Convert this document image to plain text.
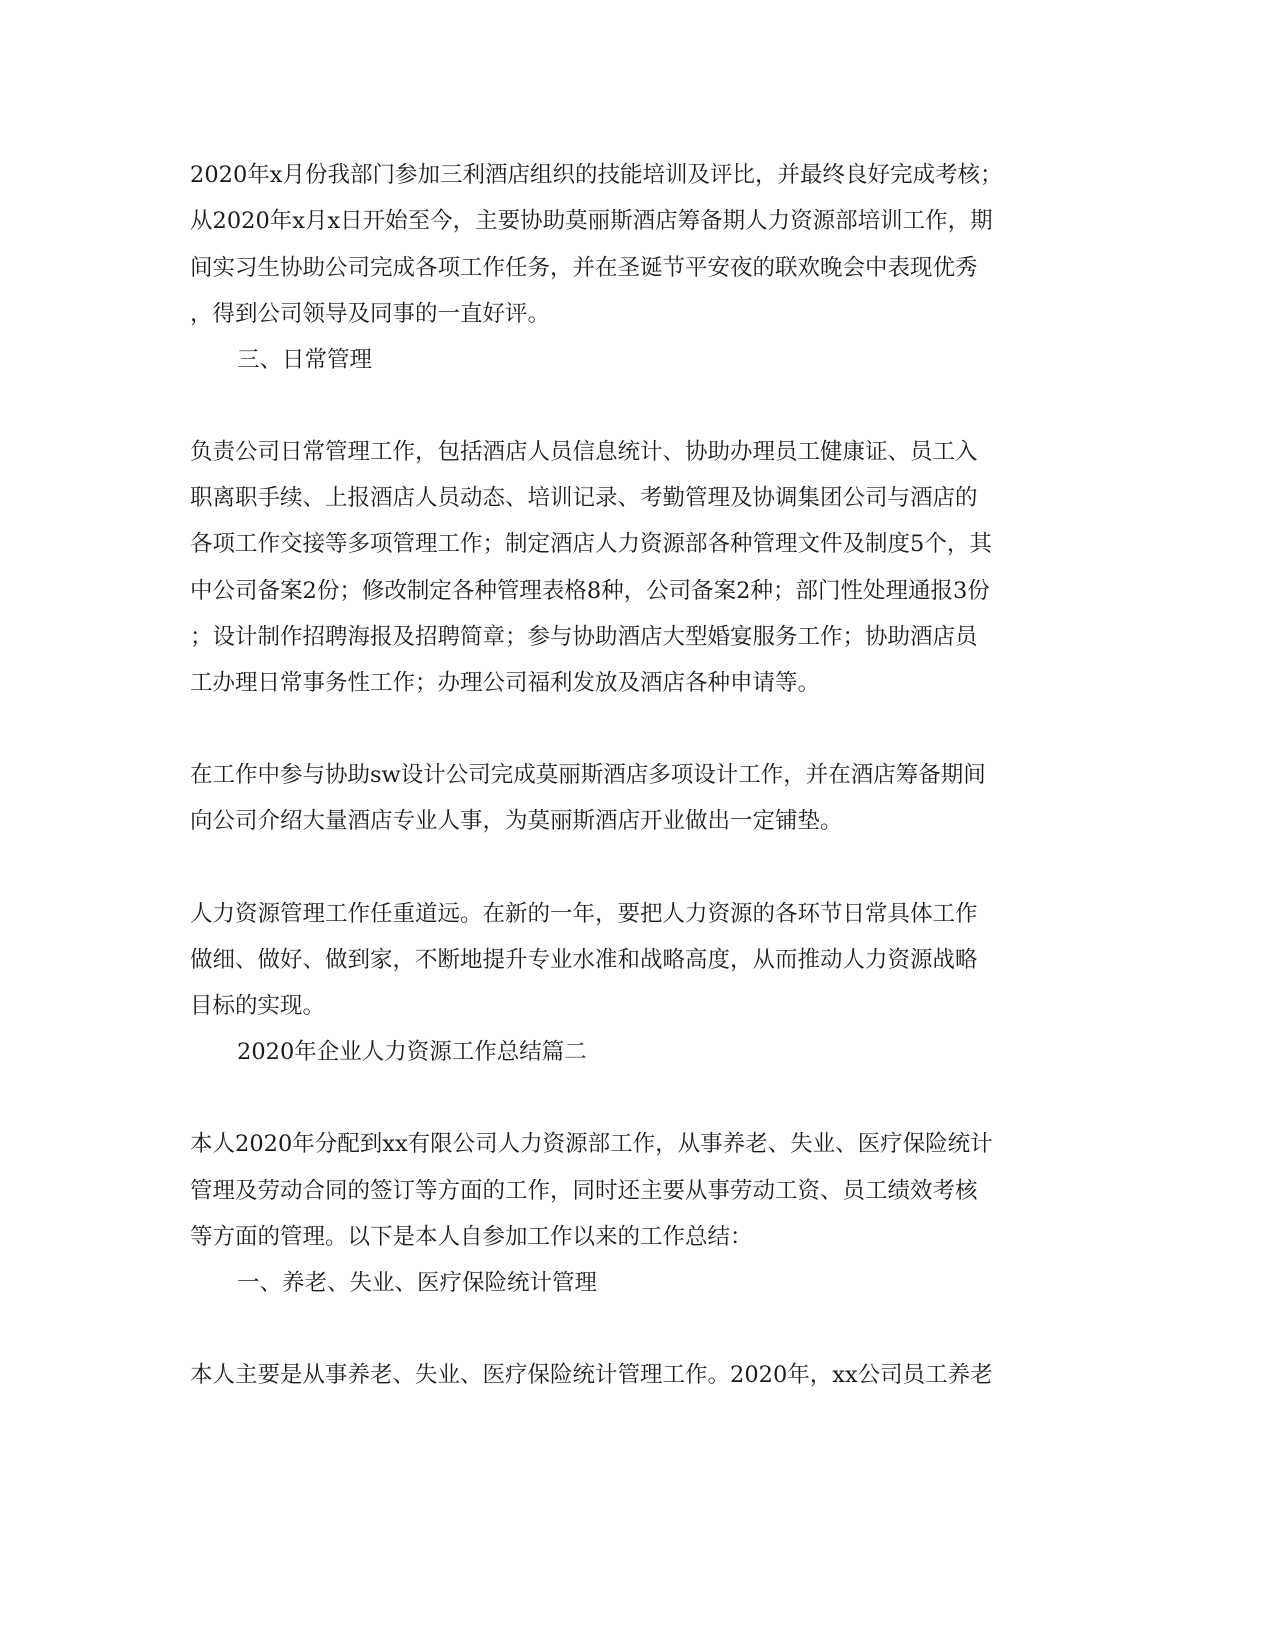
2020年x月份我部门参加三利酒店组织的技能培训及评比，并最终良好完成考核；
从2020年x月x日开始至今，主要协助莫丽斯酒店筹备期人力资源部培训工作，期
间实习生协助公司完成各项工作任务，并在圣诞节平安夜的联欢晚会中表现优秀
，得到公司领导及同事的一直好评。
三、日常管理
负责公司日常管理工作，包括酒店人员信息统计、协助办理员工健康证、员工入
职离职手续、上报酒店人员动态、培训记录、考勤管理及协调集团公司与酒店的
各项工作交接等多项管理工作；制定酒店人力资源部各种管理文件及制度5个，其
中公司备案2份；修改制定各种管理表格8种，公司备案2种；部门性处理通报3份
；设计制作招聘海报及招聘简章；参与协助酒店大型婚宴服务工作；协助酒店员
工办理日常事务性工作；办理公司福利发放及酒店各种申请等。
在工作中参与协助sw设计公司完成莫丽斯酒店多项设计工作，并在酒店筹备期间
向公司介绍大量酒店专业人事，为莫丽斯酒店开业做出一定铺垫。
人力资源管理工作任重道远。在新的一年，要把人力资源的各环节日常具体工作
做细、做好、做到家，不断地提升专业水准和战略高度，从而推动人力资源战略
目标的实现。
2020年企业人力资源工作总结篇二
本人2020年分配到xx有限公司人力资源部工作，从事养老、失业、医疗保险统计
管理及劳动合同的签订等方面的工作，同时还主要从事劳动工资、员工绩效考核
等方面的管理。以下是本人自参加工作以来的工作总结：
一、养老、失业、医疗保险统计管理
本人主要是从事养老、失业、医疗保险统计管理工作。2020年，xx公司员工养老
